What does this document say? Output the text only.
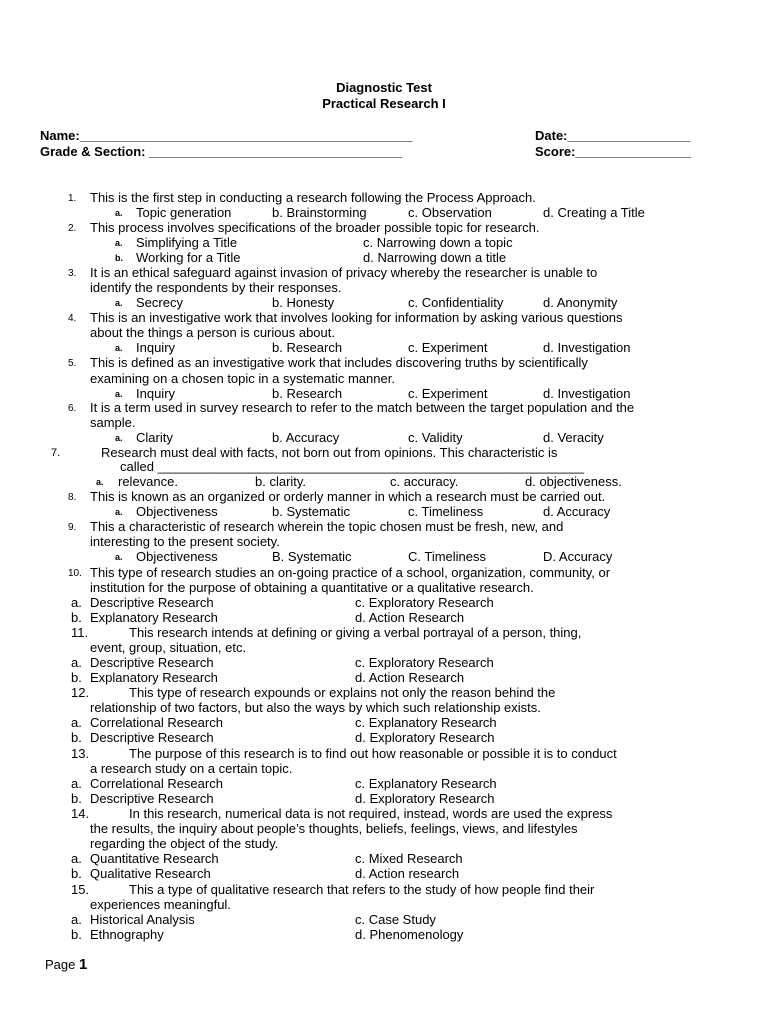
Diagnostic Test
Practical Research I
Name:______________________________________________
Grade & Section: ___________________________________
Date:_________________
Score:________________
1. This is the first step in conducting a research following the Process Approach.
a. Topic generation	b. Brainstorming	c. Observation	d. Creating a Title
2. This process involves specifications of the broader possible topic for research.
a. Simplifying a Title	c. Narrowing down a topic
b. Working for a Title	d. Narrowing down a title
3. It is an ethical safeguard against invasion of privacy whereby the researcher is unable to
identify the respondents by their responses.
a. Secrecy	b. Honesty	c. Confidentiality	d. Anonymity
4. This is an investigative work that involves looking for information by asking various questions
about the things a person is curious about.
a. Inquiry	b. Research	c. Experiment	d. Investigation
5. This is defined as an investigative work that includes discovering truths by scientifically
examining on a chosen topic in a systematic manner.
a. Inquiry	b. Research	c. Experiment	d. Investigation
6. It is a term used in survey research to refer to the match between the target population and the
sample.
a. Clarity	b. Accuracy	c. Validity	d. Veracity
7.	Research must deal with facts, not born out from opinions. This characteristic is
called ___________________________________________________________
a. relevance.	b. clarity.	c. accuracy.	d. objectiveness.
8. This is known as an organized or orderly manner in which a research must be carried out.
a. Objectiveness	b. Systematic	c. Timeliness	d. Accuracy
9. This a characteristic of research wherein the topic chosen must be fresh, new, and
interesting to the present society.
a. Objectiveness	B. Systematic	C. Timeliness	D. Accuracy
10. This type of research studies an on-going practice of a school, organization, community, or
institution for the purpose of obtaining a quantitative or a qualitative research.
a. Descriptive Research	c. Exploratory Research
b. Explanatory Research	d. Action Research
11.	This research intends at defining or giving a verbal portrayal of a person, thing,
event, group, situation, etc.
a. Descriptive Research	c. Exploratory Research
b. Explanatory Research	d. Action Research
12.	This type of research expounds or explains not only the reason behind the
relationship of two factors, but also the ways by which such relationship exists.
a. Correlational Research	c. Explanatory Research
b. Descriptive Research	d. Exploratory Research
13.	The purpose of this research is to find out how reasonable or possible it is to conduct
a research study on a certain topic.
a. Correlational Research	c. Explanatory Research
b. Descriptive Research	d. Exploratory Research
14.	In this research, numerical data is not required, instead, words are used the express
the results, the inquiry about people’s thoughts, beliefs, feelings, views, and lifestyles
regarding the object of the study.
a. Quantitative Research	c. Mixed Research
b. Qualitative Research	d. Action research
15.	This a type of qualitative research that refers to the study of how people find their
experiences meaningful.
a. Historical Analysis	c. Case Study
b. Ethnography	d. Phenomenology
Page 1
